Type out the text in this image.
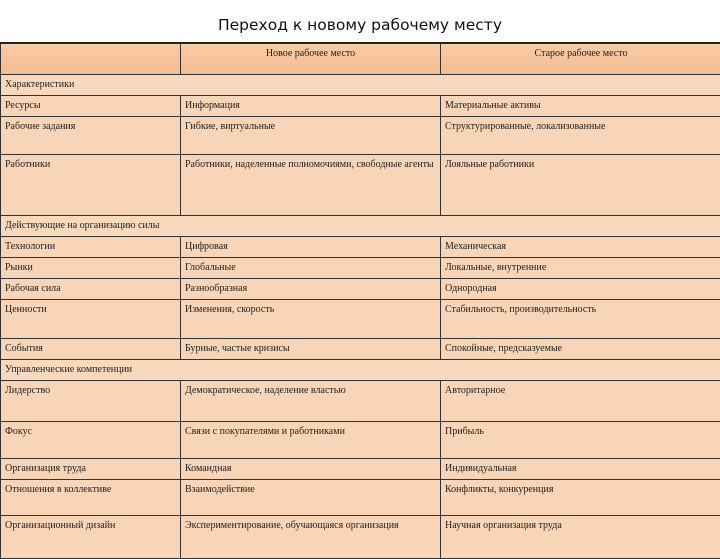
Переход к новому рабочему месту
	Новое рабочее место	Старое рабочее место
Характеристики		
Ресурсы	Информация	Материальные активы
Рабочие задания	Гибкие, виртуальные	Структурированные, локализованные
Работники	Работники, наделенные полномочиями, свободные агенты	Лояльные работники
Действующие на организацию силы		
Технологии	Цифровая	Механическая
Рынки	Глобальные	Локальные, внутренние
Рабочая сила	Разнообразная	Однородная
Ценности	Изменения, скорость	Стабильность, производительность
События	Бурные, частые кризисы	Спокойные, предсказуемые
Управленческие компетенции		
Лидерство	Демократическое, наделение властью	Авторитарное
Фокус	Связи с покупателями и работниками	Прибыль
Организация труда	Командная	Индивидуальная
Отношения в коллективе	Взаимодействие	Конфликты, конкуренция
Организационный дизайн	Экспериментирование, обучающаяся организация	Научная организация труда
